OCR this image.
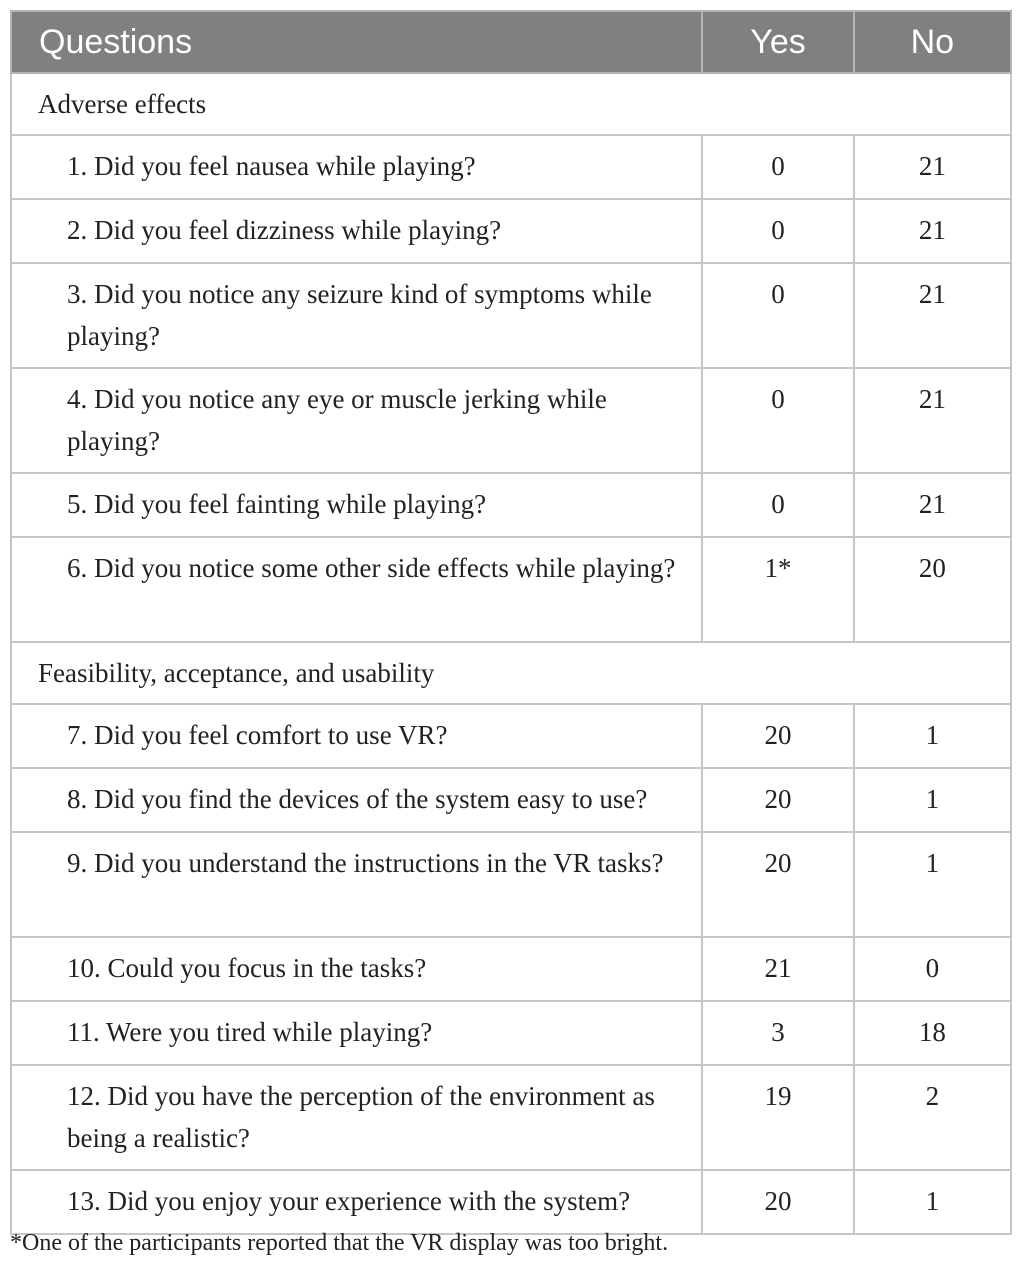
Questions	Yes	No
Adverse effects		
1. Did you feel nausea while playing?	0	21
2. Did you feel dizziness while playing?	0	21
3. Did you notice any seizure kind of symptoms while playing?	0	21
4. Did you notice any eye or muscle jerking while playing?	0	21
5. Did you feel fainting while playing?	0	21
6. Did you notice some other side effects while playing?	1*	20
Feasibility, acceptance, and usability		
7. Did you feel comfort to use VR?	20	1
8. Did you find the devices of the system easy to use?	20	1
9. Did you understand the instructions in the VR tasks?	20	1
10. Could you focus in the tasks?	21	0
11. Were you tired while playing?	3	18
12. Did you have the perception of the environment as being a realistic?	19	2
13. Did you enjoy your experience with the system?	20	1
*One of the participants reported that the VR display was too bright.
